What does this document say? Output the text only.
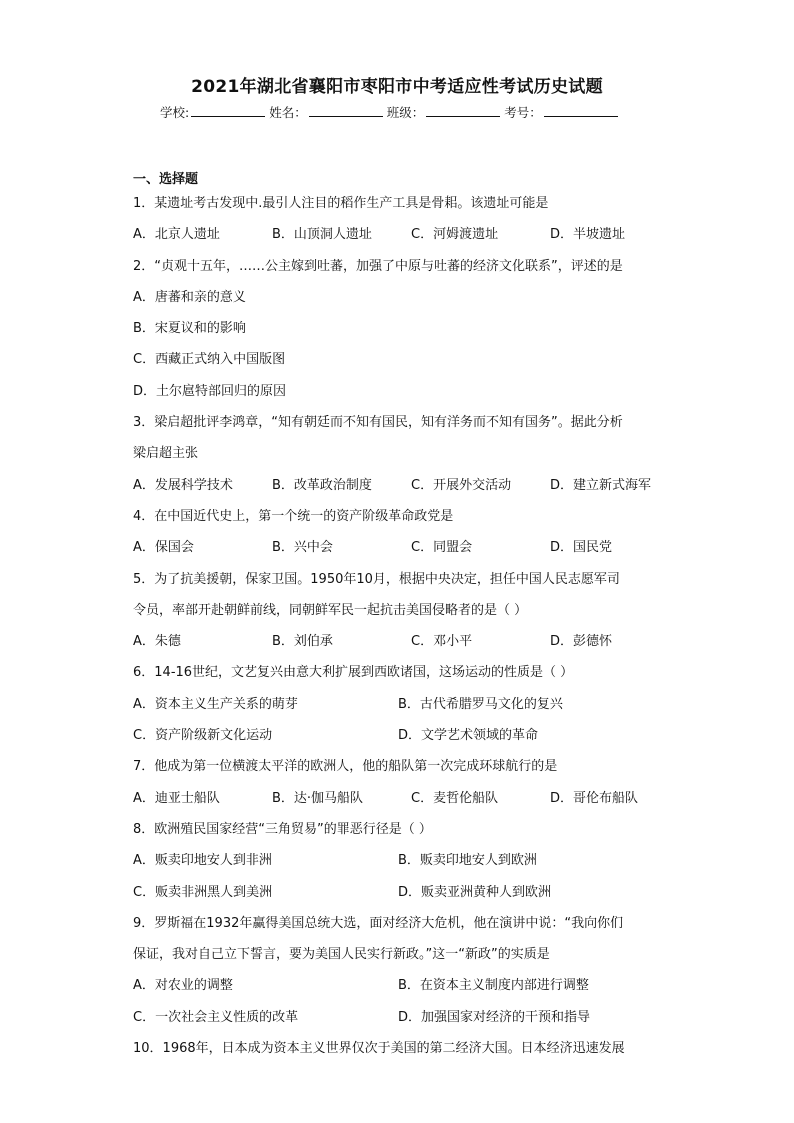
2021年湖北省襄阳市枣阳市中考适应性考试历史试题
学校:	姓名：	班级：	考号：
一、选择题
1．某遗址考古发现中.最引人注目的稻作生产工具是骨耜。该遗址可能是
A．北京人遗址	B．山顶洞人遗址	C．河姆渡遗址	D．半坡遗址
2．“贞观十五年，……公主嫁到吐蕃，加强了中原与吐蕃的经济文化联系”，评述的是
A．唐蕃和亲的意义
B．宋夏议和的影响
C．西藏正式纳入中国版图
D．土尔扈特部回归的原因
3．梁启超批评李鸿章，“知有朝廷而不知有国民，知有洋务而不知有国务”。据此分析
梁启超主张
A．发展科学技术	B．改革政治制度	C．开展外交活动	D．建立新式海军
4．在中国近代史上，第一个统一的资产阶级革命政党是
A．保国会	B．兴中会	C．同盟会	D．国民党
5．为了抗美援朝，保家卫国。1950年10月，根据中央决定，担任中国人民志愿军司
令员，率部开赴朝鲜前线，同朝鲜军民一起抗击美国侵略者的是（ ）
A．朱德	B．刘伯承	C．邓小平	D．彭德怀
6．14-16世纪，文艺复兴由意大利扩展到西欧诸国，这场运动的性质是（ ）
A．资本主义生产关系的萌芽	B．古代希腊罗马文化的复兴
C．资产阶级新文化运动	D．文学艺术领域的革命
7．他成为第一位横渡太平洋的欧洲人，他的船队第一次完成环球航行的是
A．迪亚士船队	B．达·伽马船队	C．麦哲伦船队	D．哥伦布船队
8．欧洲殖民国家经营“三角贸易”的罪恶行径是（ ）
A．贩卖印地安人到非洲	B．贩卖印地安人到欧洲
C．贩卖非洲黑人到美洲	D．贩卖亚洲黄种人到欧洲
9．罗斯福在1932年赢得美国总统大选，面对经济大危机，他在演讲中说：“我向你们
保证，我对自己立下誓言，要为美国人民实行新政。”这一“新政”的实质是
A．对农业的调整	B．在资本主义制度内部进行调整
C．一次社会主义性质的改革	D．加强国家对经济的干预和指导
10．1968年，日本成为资本主义世界仅次于美国的第二经济大国。日本经济迅速发展
